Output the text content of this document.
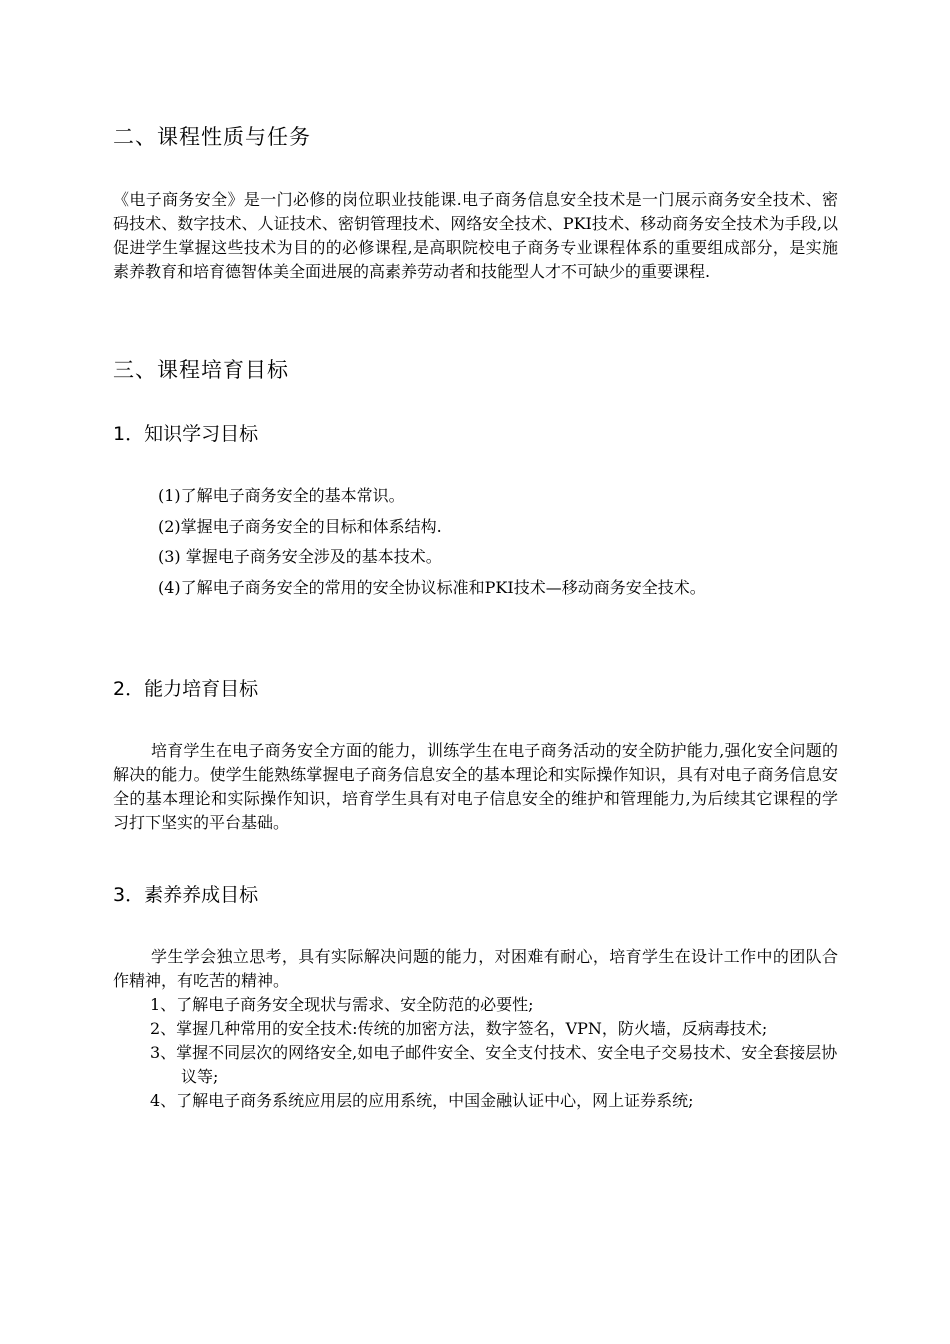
二、课程性质与任务

《电子商务安全》是一门必修的岗位职业技能课.电子商务信息安全技术是一门展示商务安全技术、密码技术、数字技术、人证技术、密钥管理技术、网络安全技术、PKI技术、移动商务安全技术为手段,以促进学生掌握这些技术为目的的必修课程,是高职院校电子商务专业课程体系的重要组成部分，是实施素养教育和培育德智体美全面进展的高素养劳动者和技能型人才不可缺少的重要课程.

三、课程培育目标
1．知识学习目标
(1)了解电子商务安全的基本常识。
(2)掌握电子商务安全的目标和体系结构.
(3) 掌握电子商务安全涉及的基本技术。
(4)了解电子商务安全的常用的安全协议标准和PKI技术—移动商务安全技术。
2．能力培育目标

培育学生在电子商务安全方面的能力，训练学生在电子商务活动的安全防护能力,强化安全问题的解决的能力。使学生能熟练掌握电子商务信息安全的基本理论和实际操作知识，具有对电子商务信息安全的基本理论和实际操作知识，培育学生具有对电子信息安全的维护和管理能力,为后续其它课程的学习打下坚实的平台基础。

3．素养养成目标

学生学会独立思考，具有实际解决问题的能力，对困难有耐心，培育学生在设计工作中的团队合作精神，有吃苦的精神。

1、了解电子商务安全现状与需求、安全防范的必要性;
2、掌握几种常用的安全技术:传统的加密方法，数字签名，VPN，防火墙，反病毒技术;
3、掌握不同层次的网络安全,如电子邮件安全、安全支付技术、安全电子交易技术、安全套接层协议等;
4、了解电子商务系统应用层的应用系统，中国金融认证中心，网上证券系统;
